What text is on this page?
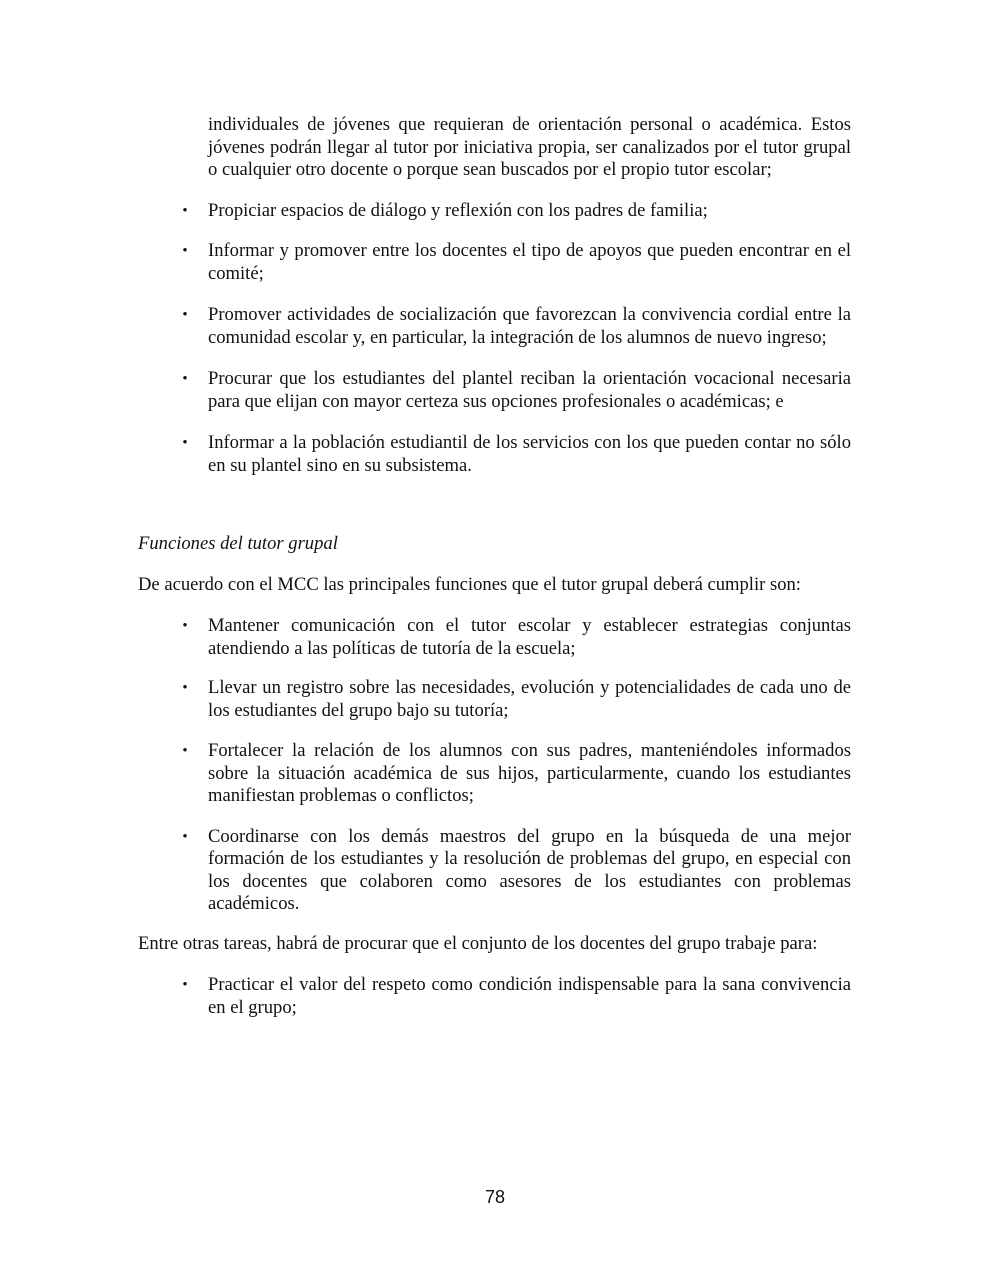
individuales de jóvenes que requieran de orientación personal o académica. Estos jóvenes podrán llegar al tutor por iniciativa propia, ser canalizados por el tutor grupal o cualquier otro docente o porque sean buscados por el propio tutor escolar;

• Propiciar espacios de diálogo y reflexión con los padres de familia;

• Informar y promover entre los docentes el tipo de apoyos que pueden encontrar en el comité;

• Promover actividades de socialización que favorezcan la convivencia cordial entre la comunidad escolar y, en particular, la integración de los alumnos de nuevo ingreso;

• Procurar que los estudiantes del plantel reciban la orientación vocacional necesaria para que elijan con mayor certeza sus opciones profesionales o académicas; e

• Informar a la población estudiantil de los servicios con los que pueden contar no sólo en su plantel sino en su subsistema.

Funciones del tutor grupal

De acuerdo con el MCC las principales funciones que el tutor grupal deberá cumplir son:

• Mantener comunicación con el tutor escolar y establecer estrategias conjuntas atendiendo a las políticas de tutoría de la escuela;

• Llevar un registro sobre las necesidades, evolución y potencialidades de cada uno de los estudiantes del grupo bajo su tutoría;

• Fortalecer la relación de los alumnos con sus padres, manteniéndoles informados sobre la situación académica de sus hijos, particularmente, cuando los estudiantes manifiestan problemas o conflictos;

• Coordinarse con los demás maestros del grupo en la búsqueda de una mejor formación de los estudiantes y la resolución de problemas del grupo, en especial con los docentes que colaboren como asesores de los estudiantes con problemas académicos.

Entre otras tareas, habrá de procurar que el conjunto de los docentes del grupo trabaje para:

• Practicar el valor del respeto como condición indispensable para la sana convivencia en el grupo;

78
